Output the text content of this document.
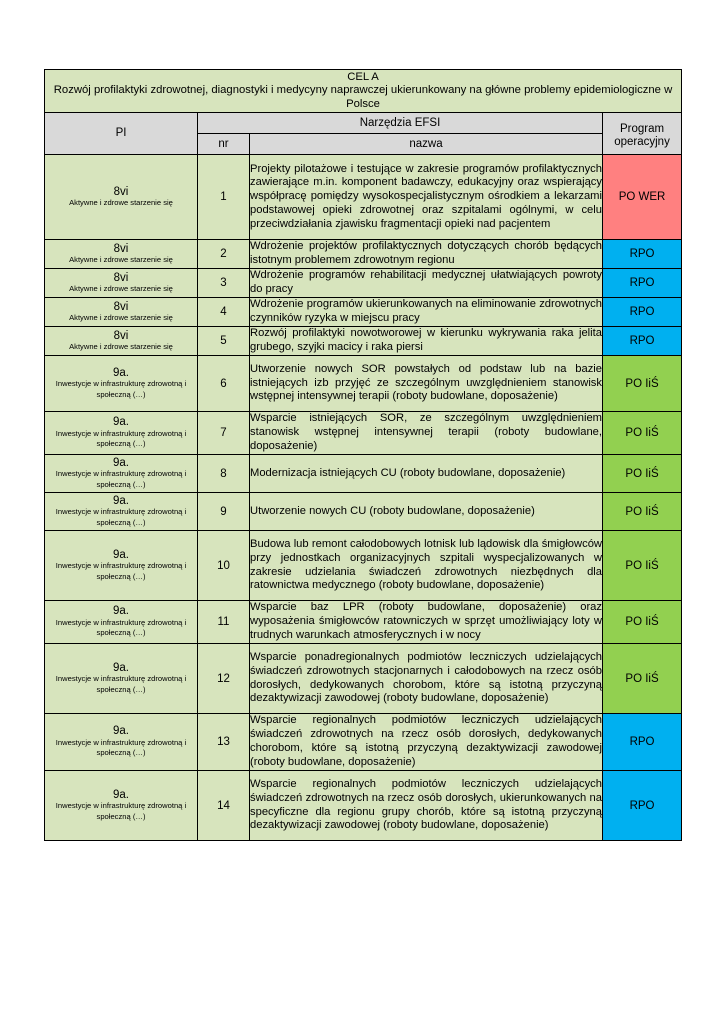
CEL A
Rozwój profilaktyki zdrowotnej, diagnostyki i medycyny naprawczej ukierunkowany na główne problemy epidemiologiczne w Polsce			

PI	Narzędzia EFSI		Program operacyjny
	nr	nazwa	

8vi
Aktywne i zdrowe starzenie się	1	Projekty pilotażowe i testujące w zakresie programów profilaktycznych zawierające m.in. komponent badawczy, edukacyjny oraz wspierający współpracę pomiędzy wysokospecjalistycznym ośrodkiem a lekarzami podstawowej opieki zdrowotnej oraz szpitalami ogólnymi, w celu przeciwdziałania zjawisku fragmentacji opieki nad pacjentem	PO WER

8vi
Aktywne i zdrowe starzenie się	2	Wdrożenie projektów profilaktycznych dotyczących chorób będących istotnym problemem zdrowotnym regionu	RPO

8vi
Aktywne i zdrowe starzenie się	3	Wdrożenie programów rehabilitacji medycznej ułatwiających powroty do pracy	RPO

8vi
Aktywne i zdrowe starzenie się	4	Wdrożenie programów ukierunkowanych na eliminowanie zdrowotnych czynników ryzyka w miejscu pracy	RPO

8vi
Aktywne i zdrowe starzenie się	5	Rozwój profilaktyki nowotworowej w kierunku wykrywania raka jelita grubego, szyjki macicy i raka piersi	RPO

9a.
Inwestycje w infrastrukturę zdrowotną i społeczną (…)	6	Utworzenie nowych SOR powstałych od podstaw lub na bazie istniejących izb przyjęć ze szczególnym uwzględnieniem stanowisk wstępnej intensywnej terapii (roboty budowlane, doposażenie)	PO IiŚ

9a.
Inwestycje w infrastrukturę zdrowotną i społeczną (…)	7	Wsparcie istniejących SOR, ze szczególnym uwzględnieniem stanowisk wstępnej intensywnej terapii (roboty budowlane, doposażenie)	PO IiŚ

9a.
Inwestycje w infrastrukturę zdrowotną i społeczną (…)	8	Modernizacja istniejących CU (roboty budowlane, doposażenie)	PO IiŚ

9a.
Inwestycje w infrastrukturę zdrowotną i społeczną (…)	9	Utworzenie nowych CU (roboty budowlane, doposażenie)	PO IiŚ

9a.
Inwestycje w infrastrukturę zdrowotną i społeczną (…)	10	Budowa lub remont całodobowych lotnisk lub lądowisk dla śmigłowców przy jednostkach organizacyjnych szpitali wyspecjalizowanych w zakresie udzielania świadczeń zdrowotnych niezbędnych dla ratownictwa medycznego (roboty budowlane, doposażenie)	PO IiŚ

9a.
Inwestycje w infrastrukturę zdrowotną i społeczną (…)	11	Wsparcie baz LPR (roboty budowlane, doposażenie) oraz wyposażenia śmigłowców ratowniczych w sprzęt umożliwiający loty w trudnych warunkach atmosferycznych i w nocy	PO IiŚ

9a.
Inwestycje w infrastrukturę zdrowotną i społeczną (…)	12	Wsparcie ponadregionalnych podmiotów leczniczych udzielających świadczeń zdrowotnych stacjonarnych i całodobowych na rzecz osób dorosłych, dedykowanych chorobom, które są istotną przyczyną dezaktywizacji zawodowej (roboty budowlane, doposażenie)	PO IiŚ

9a.
Inwestycje w infrastrukturę zdrowotną i społeczną (…)	13	Wsparcie regionalnych podmiotów leczniczych udzielających świadczeń zdrowotnych na rzecz osób dorosłych, dedykowanych chorobom, które są istotną przyczyną dezaktywizacji zawodowej (roboty budowlane, doposażenie)	RPO

9a.
Inwestycje w infrastrukturę zdrowotną i społeczną (…)	14	Wsparcie regionalnych podmiotów leczniczych udzielających świadczeń zdrowotnych na rzecz osób dorosłych, ukierunkowanych na specyficzne dla regionu grupy chorób, które są istotną przyczyną dezaktywizacji zawodowej (roboty budowlane, doposażenie)	RPO
